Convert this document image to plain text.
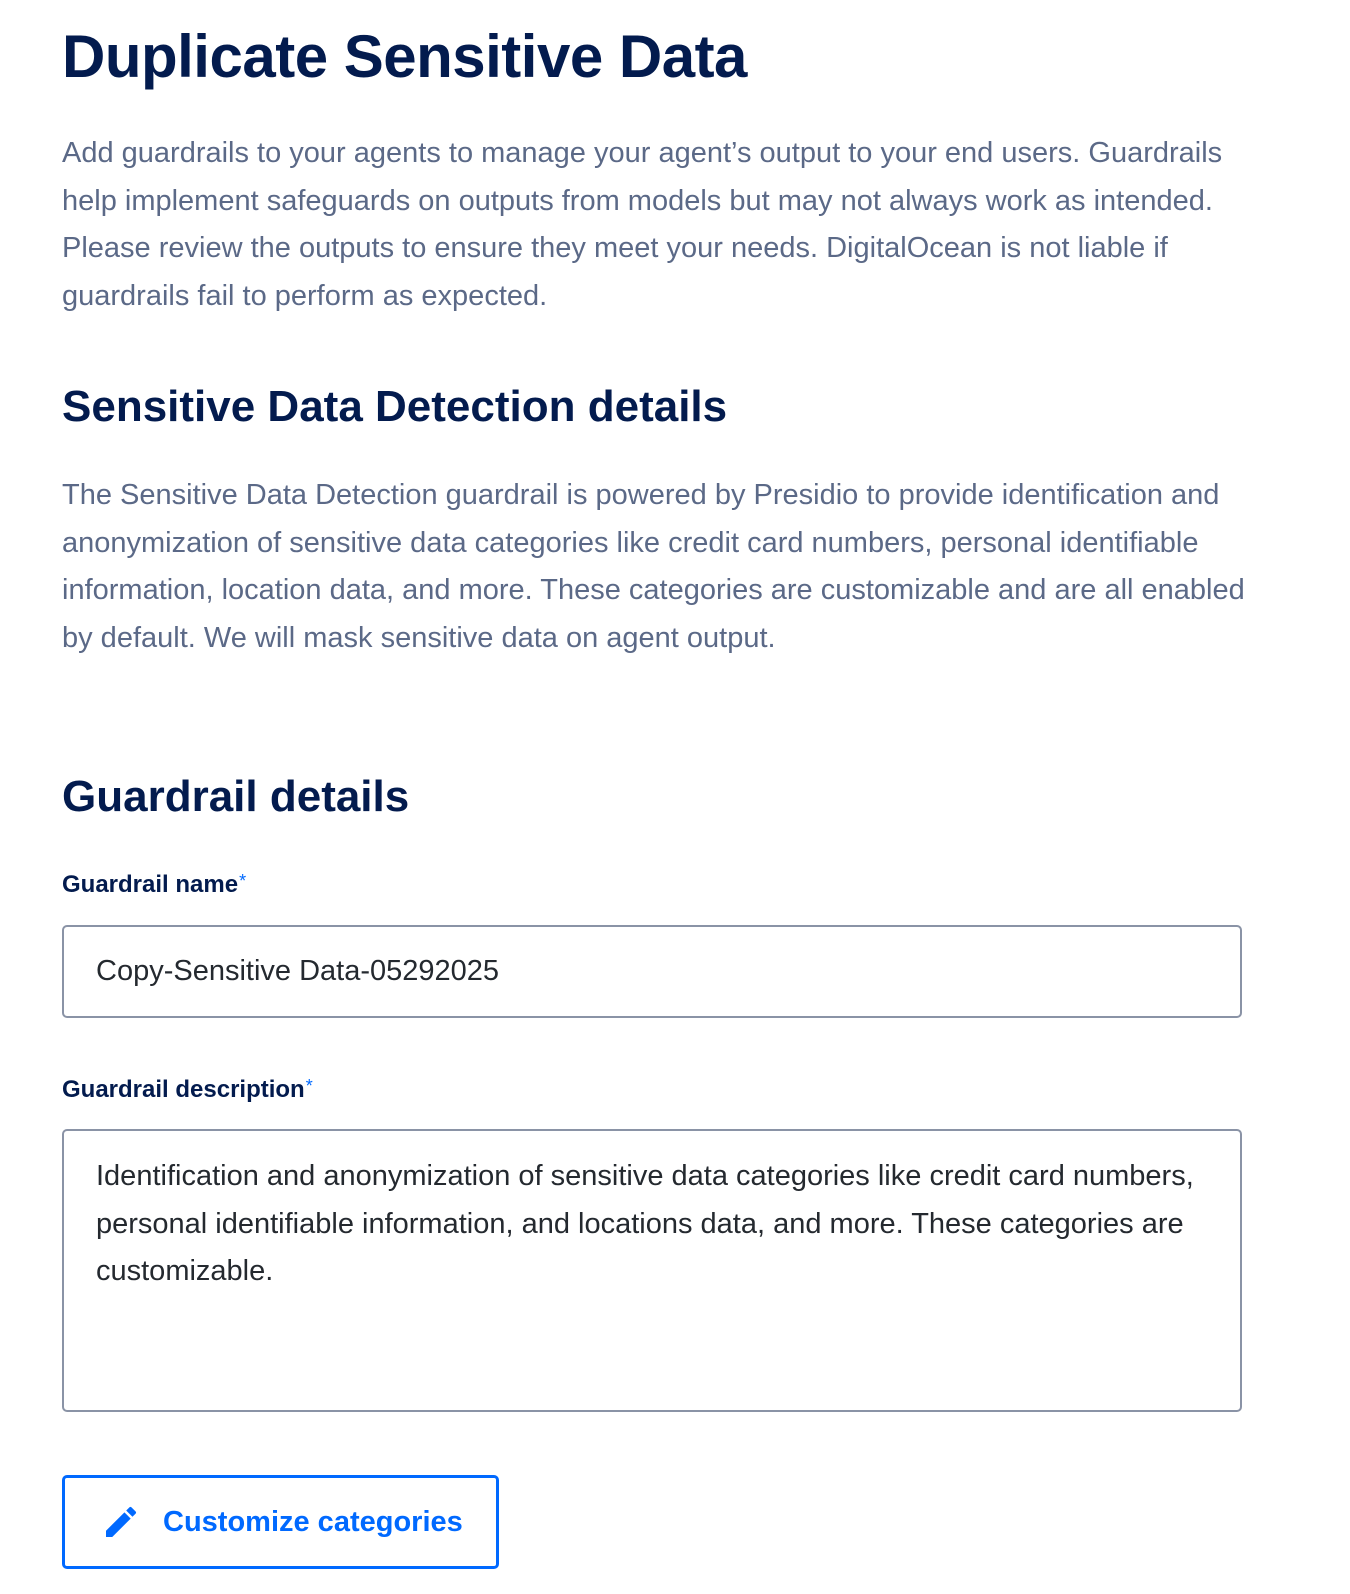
Duplicate Sensitive Data

Add guardrails to your agents to manage your agent’s output to your end users. Guardrails help implement safeguards on outputs from models but may not always work as intended. Please review the outputs to ensure they meet your needs. DigitalOcean is not liable if guardrails fail to perform as expected.

Sensitive Data Detection details

The Sensitive Data Detection guardrail is powered by Presidio to provide identification and anonymization of sensitive data categories like credit card numbers, personal identifiable information, location data, and more. These categories are customizable and are all enabled by default. We will mask sensitive data on agent output.

Guardrail details
Guardrail name*
Copy-Sensitive Data-05292025
Guardrail description*
Identification and anonymization of sensitive data categories like credit card numbers, personal identifiable information, and locations data, and more. These categories are customizable.
Customize categories
